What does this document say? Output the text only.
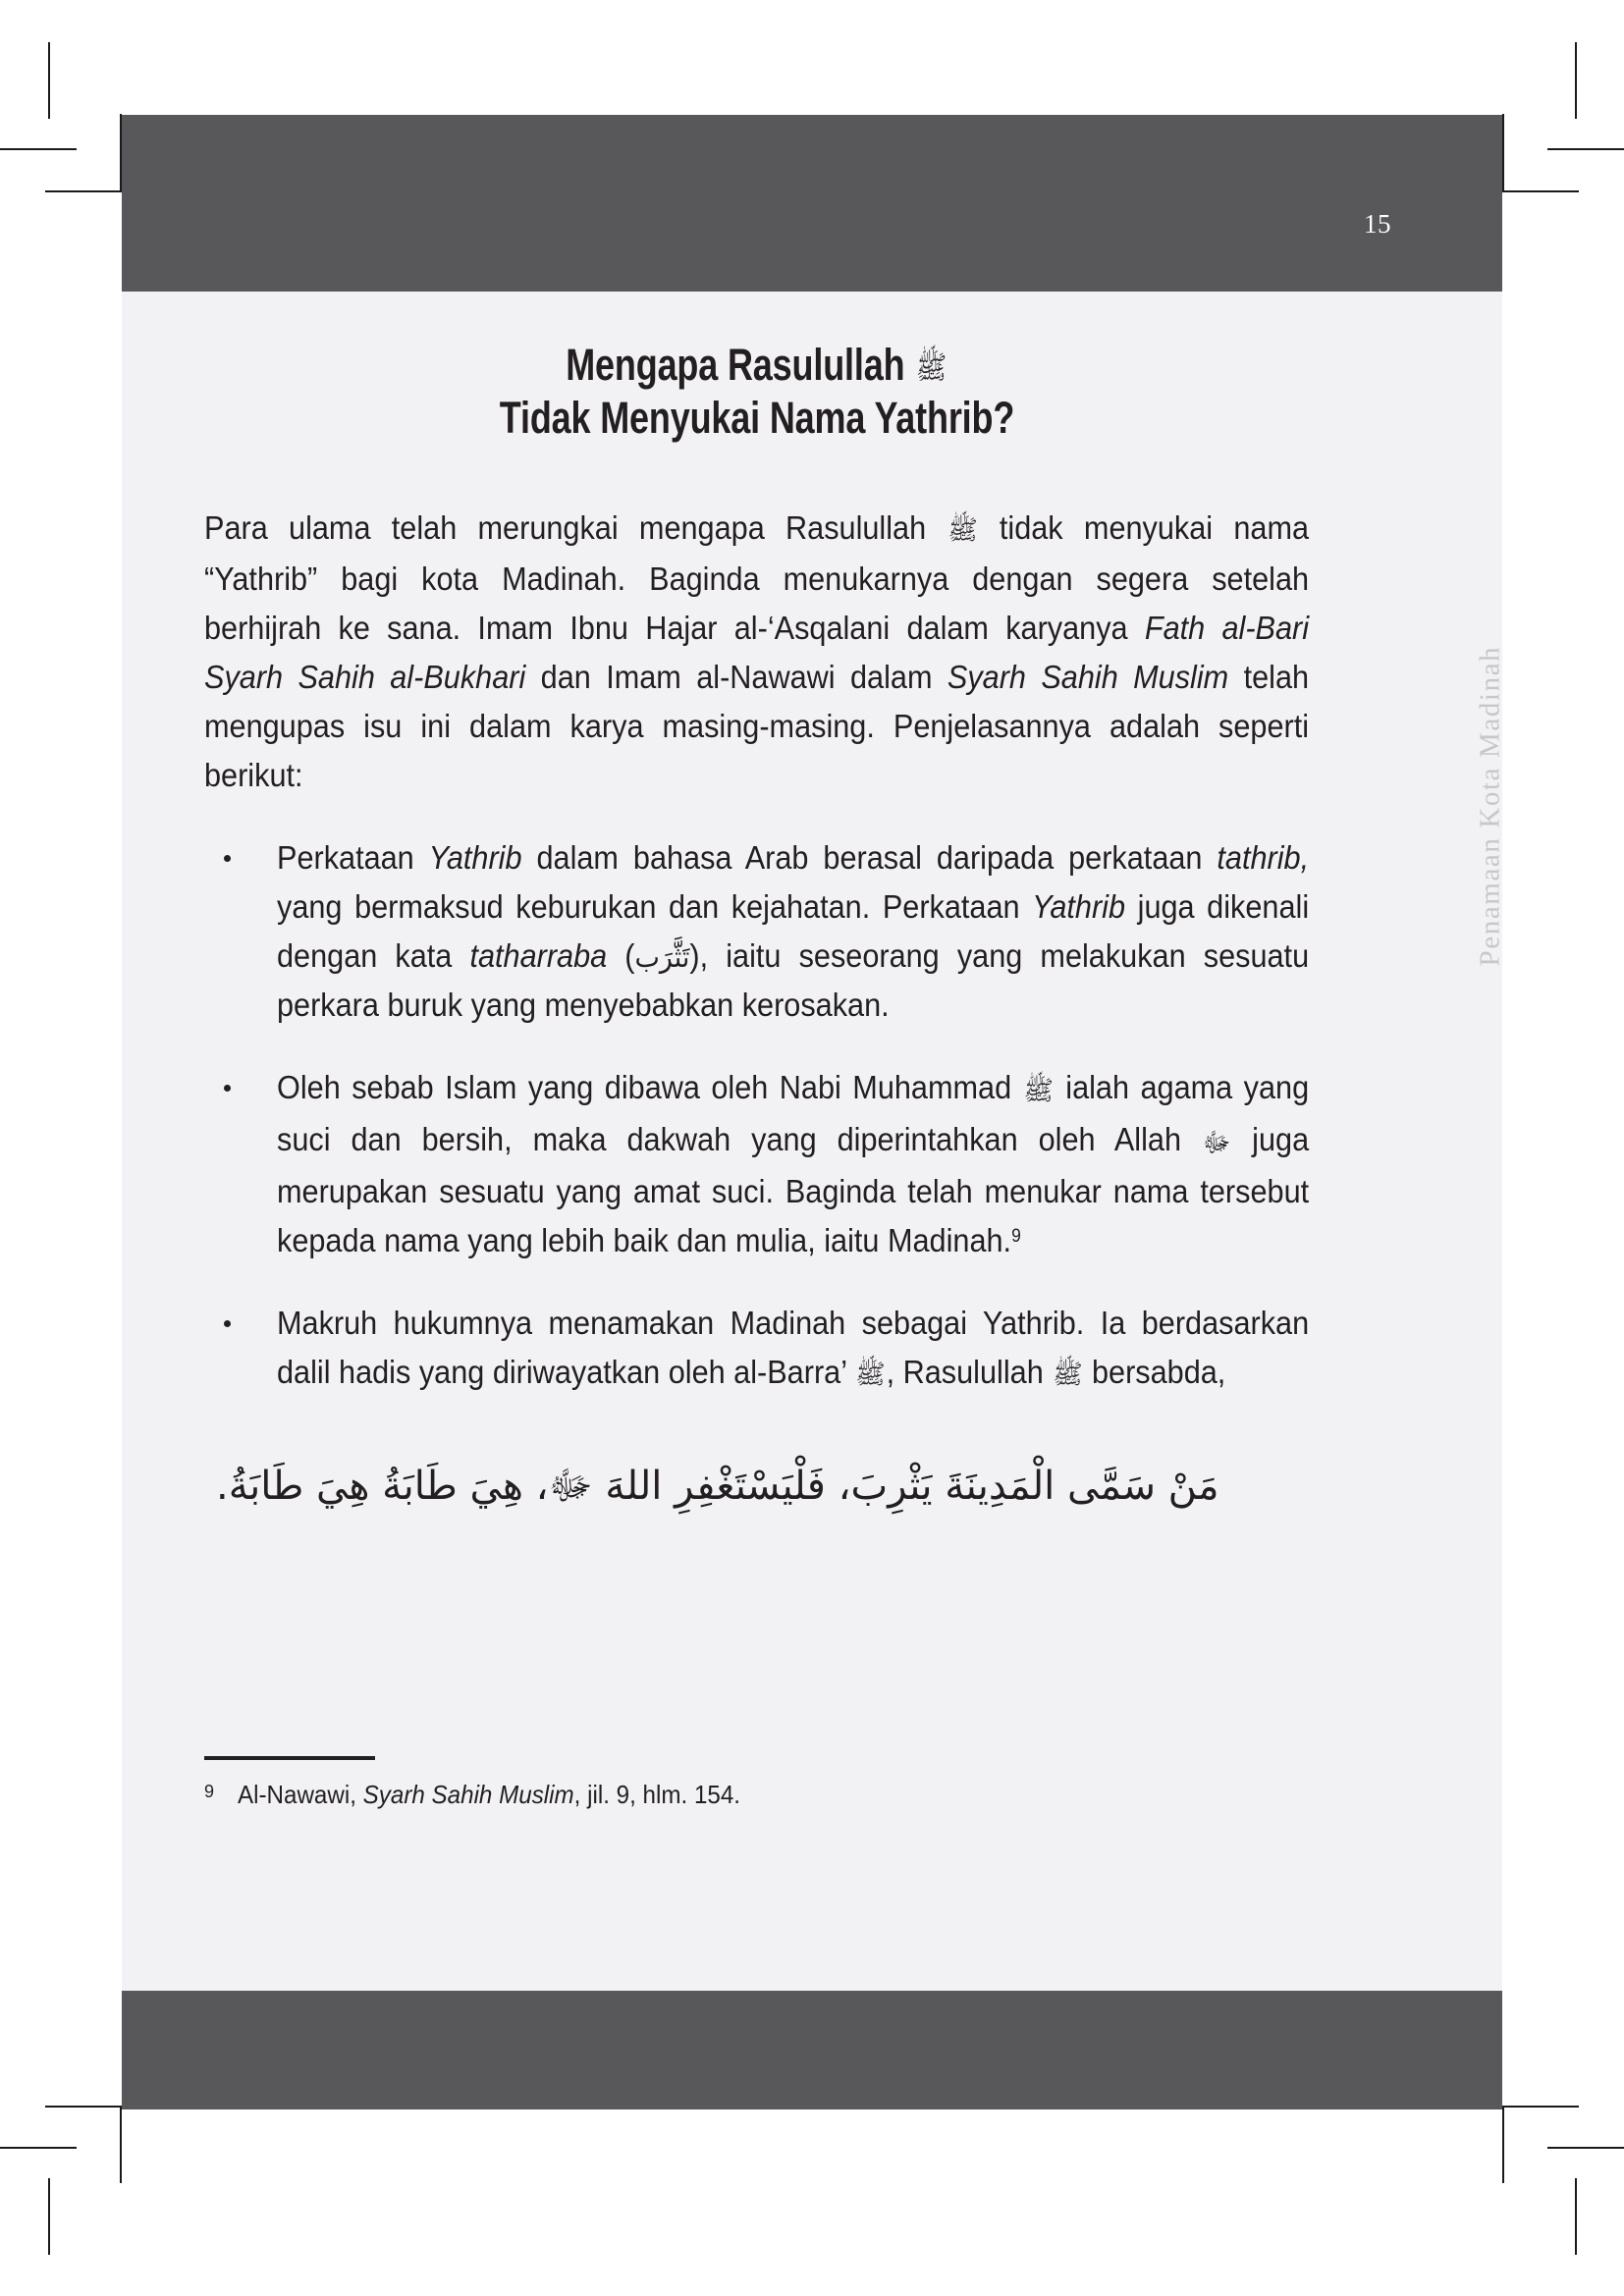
15
Penamaan Kota Madinah
Mengapa Rasulullah ﷺ
Tidak Menyukai Nama Yathrib?

Para ulama telah merungkai mengapa Rasulullah ﷺ tidak menyukai nama “Yathrib” bagi kota Madinah. Baginda menukarnya dengan segera setelah berhijrah ke sana. Imam Ibnu Hajar al-‘Asqalani dalam karyanya Fath al-Bari Syarh Sahih al-Bukhari dan Imam al-Nawawi dalam Syarh Sahih Muslim telah mengupas isu ini dalam karya masing-masing. Penjelasannya adalah seperti berikut:

Perkataan Yathrib dalam bahasa Arab berasal daripada perkataan tathrib, yang bermaksud keburukan dan kejahatan. Perkataan Yathrib juga dikenali dengan kata tatharraba (تَثَّرَب), iaitu seseorang yang melakukan sesuatu perkara buruk yang menyebabkan kerosakan.

Oleh sebab Islam yang dibawa oleh Nabi Muhammad ﷺ ialah agama yang suci dan bersih, maka dakwah yang diperintahkan oleh Allah ﷻ juga merupakan sesuatu yang amat suci. Baginda telah menukar nama tersebut kepada nama yang lebih baik dan mulia, iaitu Madinah.$^9$

Makruh hukumnya menamakan Madinah sebagai Yathrib. Ia berdasarkan dalil hadis yang diriwayatkan oleh al-Barra’ ﷺ, Rasulullah ﷺ bersabda,

مَنْ سَمَّى الْمَدِينَةَ يَثْرِبَ، فَلْيَسْتَغْفِرِ اللهَ ﷻ، هِيَ طَابَةُ هِيَ طَابَةُ.
9 Al-Nawawi, Syarh Sahih Muslim, jil. 9, hlm. 154.
